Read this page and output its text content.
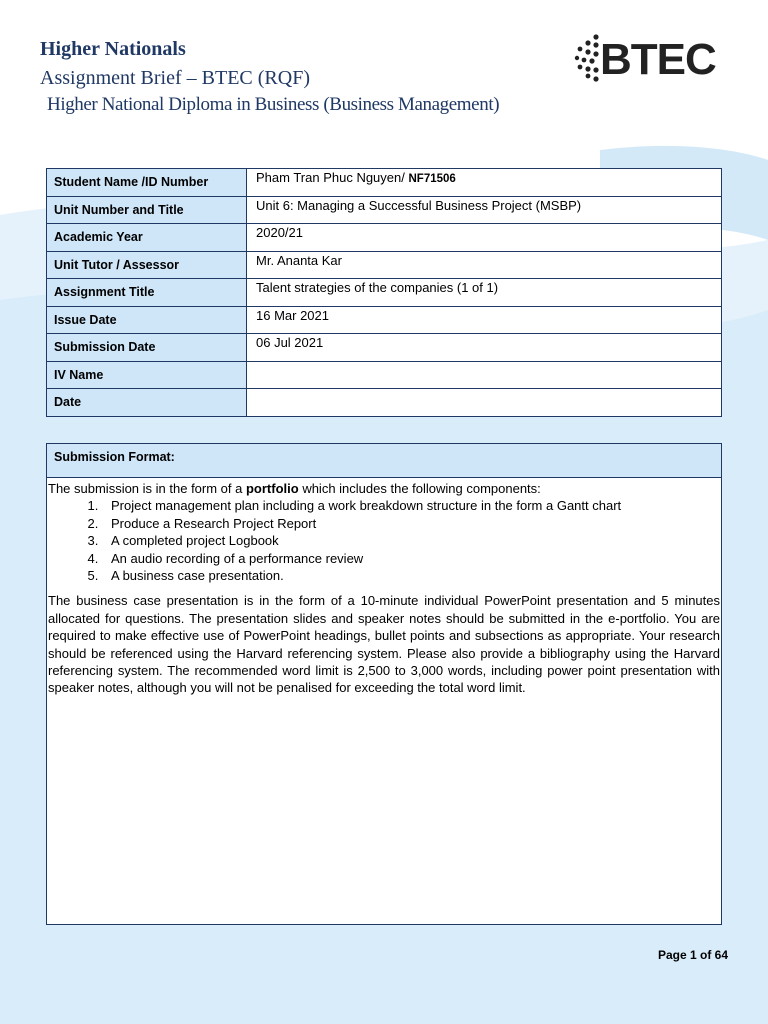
Higher Nationals
Assignment Brief – BTEC (RQF)
Higher National Diploma in Business (Business Management)
BTEC
Student Name /ID Number	Pham Tran Phuc Nguyen/ NF71506
Unit Number and Title	Unit 6: Managing a Successful Business Project (MSBP)
Academic Year	2020/21
Unit Tutor / Assessor	Mr. Ananta Kar
Assignment Title	Talent strategies of the companies (1 of 1)
Issue Date	16 Mar 2021
Submission Date	06 Jul 2021
IV Name	
Date	
Submission Format:

The submission is in the form of a portfolio which includes the following components:

1. Project management plan including a work breakdown structure in the form a Gantt chart
2. Produce a Research Project Report
3. A completed project Logbook
4. An audio recording of a performance review
5. A business case presentation.

The business case presentation is in the form of a 10-minute individual PowerPoint presentation and 5 minutes allocated for questions. The presentation slides and speaker notes should be submitted in the e-portfolio. You are required to make effective use of PowerPoint headings, bullet points and subsections as appropriate. Your research should be referenced using the Harvard referencing system. Please also provide a bibliography using the Harvard referencing system. The recommended word limit is 2,500 to 3,000 words, including power point presentation with speaker notes, although you will not be penalised for exceeding the total word limit.

Page 1 of 64
